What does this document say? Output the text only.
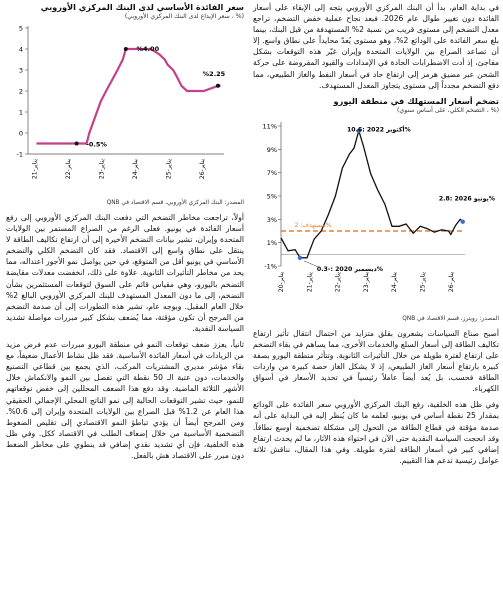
في بداية العام، بدأ أن البنك المركزي الأوروبي يتجه إلى الإبقاء على أسعار الفائدة دون تغيير طوال عام 2026. فبعد نجاح عملية خفض التضخم، تراجع معدل التضخم إلى مستوى قريب من نسبة 2% المستهدفة من قبل البنك، بينما بلغ سعر الفائدة على الودائع 2%، وهو مستوى يُعدّ محايداً على نطاق واسع. إلا أن تصاعد الصراع بين الولايات المتحدة وإيران غيّر هذه التوقعات بشكل مفاجئ، إذ أدت الاضطرابات الحادة في الإمدادات والقيود المفروضة على حركة الشحن عبر مضيق هرمز إلى ارتفاع حاد في أسعار النفط والغاز الطبيعي، مما دفع التضخم مجدداً إلى مستوى يتجاوز المعدل المستهدف.

تضخم أسعار المستهلك في منطقة اليورو

(% ، التضخم الكلي، على أساس سنوي)

11%
9%
7%
5%
3%
1%
-1%
20-يناير
21-يناير
22-يناير
23-يناير
24-يناير
25-يناير
26-يناير
أكتوبر 2022 :10.6%
ديسمبر 2020 :-0.3%
يونيو 2026 :2.8%
مستهدف: 2%

المصدر: رويترز، قسم الاقتصاد في QNB

أصبح صناع السياسات يشعرون بقلق متزايد من احتمال انتقال تأثير ارتفاع تكاليف الطاقة إلى أسعار السلع والخدمات الأخرى، مما يساهم في بقاء التضخم على ارتفاع لفترة طويلة من خلال التأثيرات الثانوية. وتتأثر منطقة اليورو بصفة كبيرة بارتفاع أسعار الغاز الطبيعي، إذ لا يشكل الغاز حصة كبيرة من واردات الطاقة فحسب، بل يُعد أيضاً عاملاً رئيسياً في تحديد الأسعار في أسواق الكهرباء.

وفي ظل هذه الخلفية، رفع البنك المركزي الأوروبي سعر الفائدة على الودائع بمقدار 25 نقطة أساس في يونيو، لعلمه ما كان يُنظر إليه في البداية على أنه صدمة مؤقتة في قطاع الطاقة من التحول إلى مشكلة تضخمية أوسع نطاقاً. وقد انحجت السياسة النقدية حتى الآن في احتواء هذه الآثار، ما لم يحدث ارتفاع إضافي كبير في أسعار الطاقة لفترة طويلة. وفي هذا المقال، نناقش ثلاثة عوامل رئيسية تدعم هذا التقييم.

سعر الفائدة الأساسي لدى البنك المركزي الأوروبي

(% ، سعر الإيداع لدى البنك المركزي الأوروبي)

5
4
3
2
1
0
-1
21-يناير
22-يناير
23-يناير
24-يناير
25-يناير
26-يناير
%4.00
%2.25
-0.5%

المصدر: البنك المركزي الأوروبي، قسم الاقتصاد في QNB

أولاً، تراجعت مخاطر التضخم التي دفعت البنك المركزي الأوروبي إلى رفع أسعار الفائدة في يونيو. فعلى الرغم من الصراع المستمر بين الولايات المتحدة وإيران، تشير بيانات التضخم الأخيرة إلى أن ارتفاع تكاليف الطاقة لا ينتقل على نطاق واسع إلى الاقتصاد. فقد كان التضخم الكلي والتضخم الأساسي في يونيو أقل من المتوقع، في حين يواصل نمو الأجور اعتداله، مما يحد من مخاطر التأثيرات الثانوية. علاوة على ذلك، انخفضت معدلات مقايضة التضخم باليورو، وهي مقياس قائم على السوق لتوقعات المستثمرين بشأن التضخم، إلى ما دون المعدل المستهدف للبنك المركزي الأوروبي البالغ 2% خلال العام المقبل. وبوجه عام، تشير هذه التطورات إلى أن صدمة التضخم من المرجح أن تكون مؤقتة، مما يُضعف بشكل كبير مبررات مواصلة تشديد السياسة النقدية.

ثانياً، يعزز ضعف توقعات النمو في منطقة اليورو مبررات عدم فرض مزيد من الزيادات في أسعار الفائدة الأساسية. فقد ظل نشاط الأعمال ضعيفاً، مع بقاء مؤشر مديري المشتريات المركب، الذي يجمع بين قطاعي التصنيع والخدمات، دون عتبة الـ 50 نقطة التي تفصل بين النمو والانكماش خلال الأشهر الثلاثة الماضية. وقد دفع هذا الضعف المحللين إلى خفض توقعاتهم للنمو، حيث تشير التوقعات الحالية إلى نمو الناتج المحلي الإجمالي الحقيقي هذا العام عن 1.2% قبل الصراع بين الولايات المتحدة وإيران إلى 0.6%. ومن المرجح أيضاً أن يؤدي تباطؤ النمو الاقتصادي إلى تقليص الضغوط التضخمية الأساسية من خلال إضعاف الطلب في الاقتصاد ككل. وفي ظل هذه الخلفية، فإن أي تشديد نقدي إضافي قد ينطوي على مخاطر الضغط دون مبرر على الاقتصاد هش بالفعل.
